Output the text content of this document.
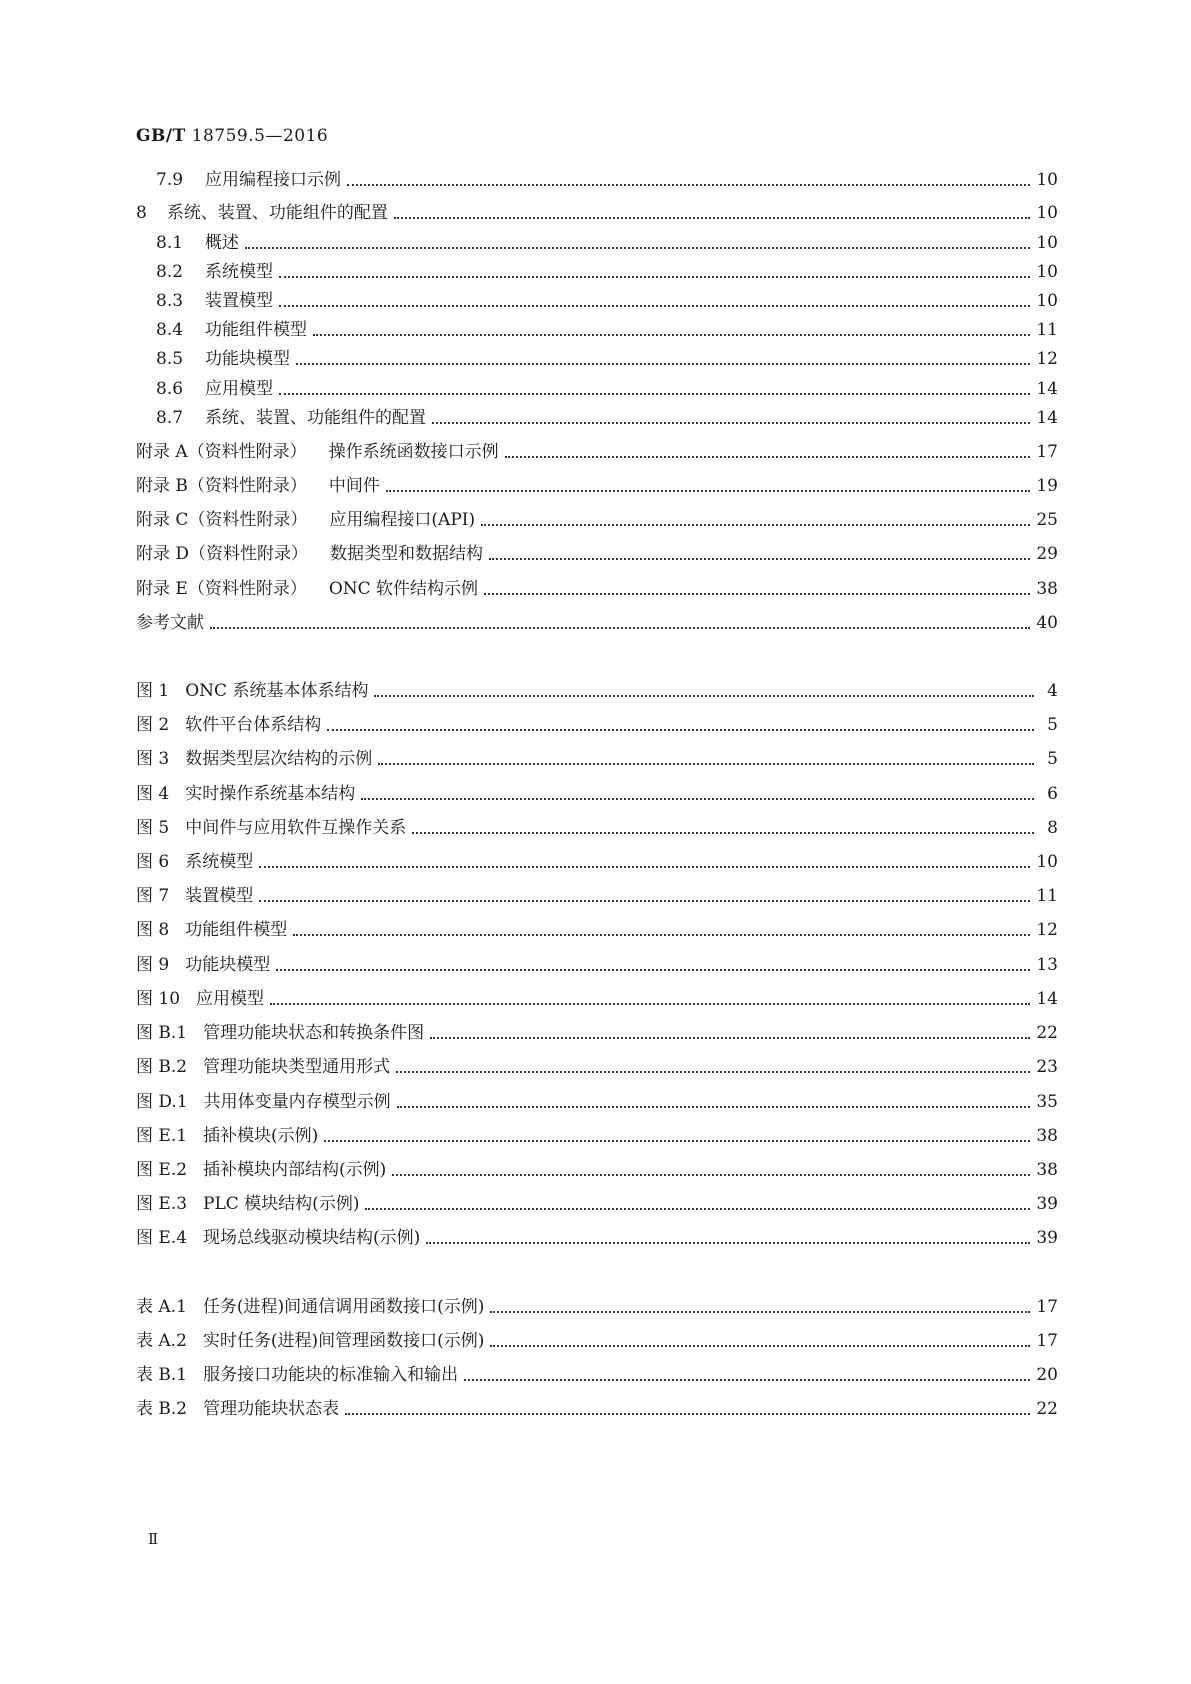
GB/T 18759.5—2016
7.9 应用编程接口示例	10
8 系统、装置、功能组件的配置	10
8.1 概述	10
8.2 系统模型	10
8.3 装置模型	10
8.4 功能组件模型	11
8.5 功能块模型	12
8.6 应用模型	14
8.7 系统、装置、功能组件的配置	14
附录 A（资料性附录） 操作系统函数接口示例	17
附录 B（资料性附录） 中间件	19
附录 C（资料性附录） 应用编程接口(API)	25
附录 D（资料性附录） 数据类型和数据结构	29
附录 E（资料性附录） ONC 软件结构示例	38
参考文献	40
图 1 ONC 系统基本体系结构	4
图 2 软件平台体系结构	5
图 3 数据类型层次结构的示例	5
图 4 实时操作系统基本结构	6
图 5 中间件与应用软件互操作关系	8
图 6 系统模型	10
图 7 装置模型	11
图 8 功能组件模型	12
图 9 功能块模型	13
图 10 应用模型	14
图 B.1 管理功能块状态和转换条件图	22
图 B.2 管理功能块类型通用形式	23
图 D.1 共用体变量内存模型示例	35
图 E.1 插补模块(示例)	38
图 E.2 插补模块内部结构(示例)	38
图 E.3 PLC 模块结构(示例)	39
图 E.4 现场总线驱动模块结构(示例)	39
表 A.1 任务(进程)间通信调用函数接口(示例)	17
表 A.2 实时任务(进程)间管理函数接口(示例)	17
表 B.1 服务接口功能块的标准输入和输出	20
表 B.2 管理功能块状态表	22
Ⅱ
